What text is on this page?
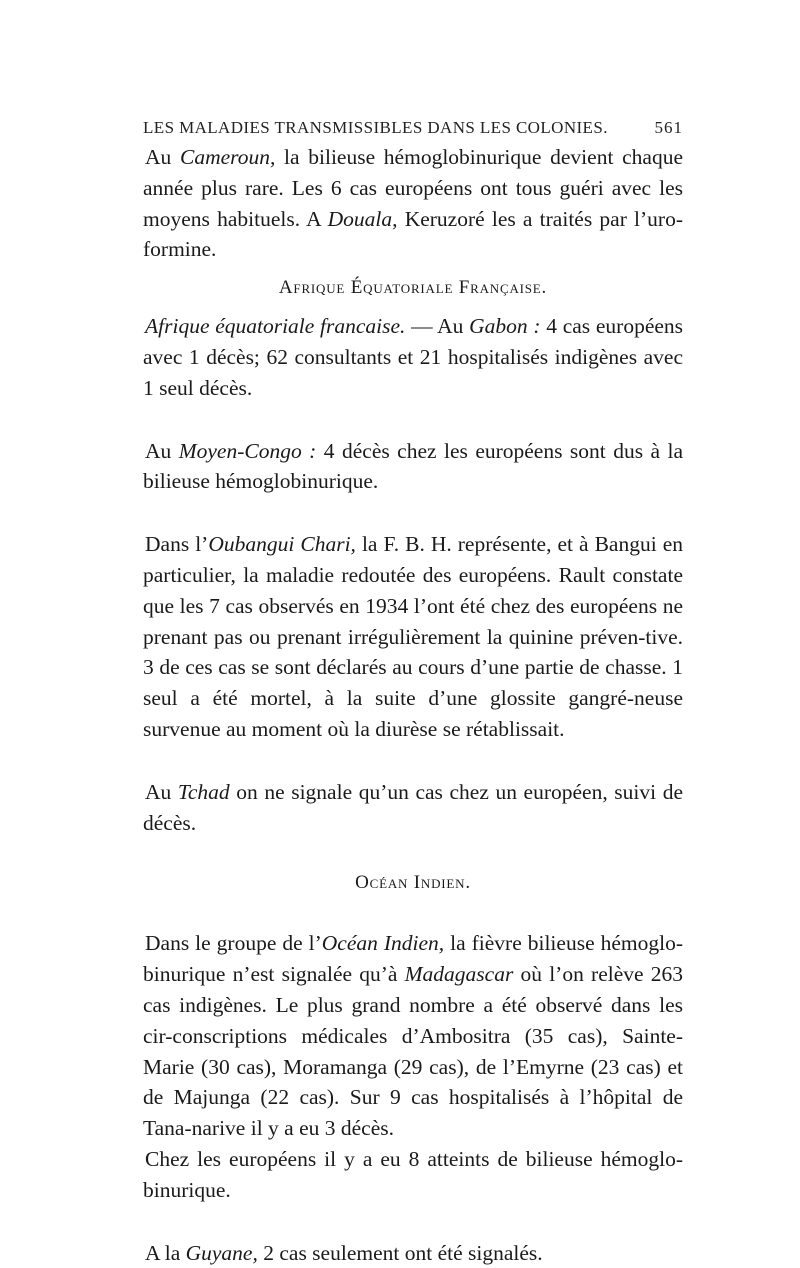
LES MALADIES TRANSMISSIBLES DANS LES COLONIES.	561

Au Cameroun, la bilieuse hémoglobinurique devient chaque année plus rare. Les 6 cas européens ont tous guéri avec les moyens habituels. A Douala, Keruzoré les a traités par l’uro-formine.

Afrique Équatoriale Française.

Afrique équatoriale francaise. — Au Gabon : 4 cas européens avec 1 décès; 62 consultants et 21 hospitalisés indigènes avec 1 seul décès.

Au Moyen-Congo : 4 décès chez les européens sont dus à la bilieuse hémoglobinurique.

Dans l’Oubangui Chari, la F. B. H. représente, et à Bangui en particulier, la maladie redoutée des européens. Rault constate que les 7 cas observés en 1934 l’ont été chez des européens ne prenant pas ou prenant irrégulièrement la quinine préven-tive. 3 de ces cas se sont déclarés au cours d’une partie de chasse. 1 seul a été mortel, à la suite d’une glossite gangré-neuse survenue au moment où la diurèse se rétablissait.

Au Tchad on ne signale qu’un cas chez un européen, suivi de décès.

Océan Indien.

Dans le groupe de l’Océan Indien, la fièvre bilieuse hémoglo-binurique n’est signalée qu’à Madagascar où l’on relève 263 cas indigènes. Le plus grand nombre a été observé dans les cir-conscriptions médicales d’Ambositra (35 cas), Sainte-Marie (30 cas), Moramanga (29 cas), de l’Emyrne (23 cas) et de Majunga (22 cas). Sur 9 cas hospitalisés à l’hôpital de Tana-narive il y a eu 3 décès.

Chez les européens il y a eu 8 atteints de bilieuse hémoglo-binurique.

A la Guyane, 2 cas seulement ont été signalés.
